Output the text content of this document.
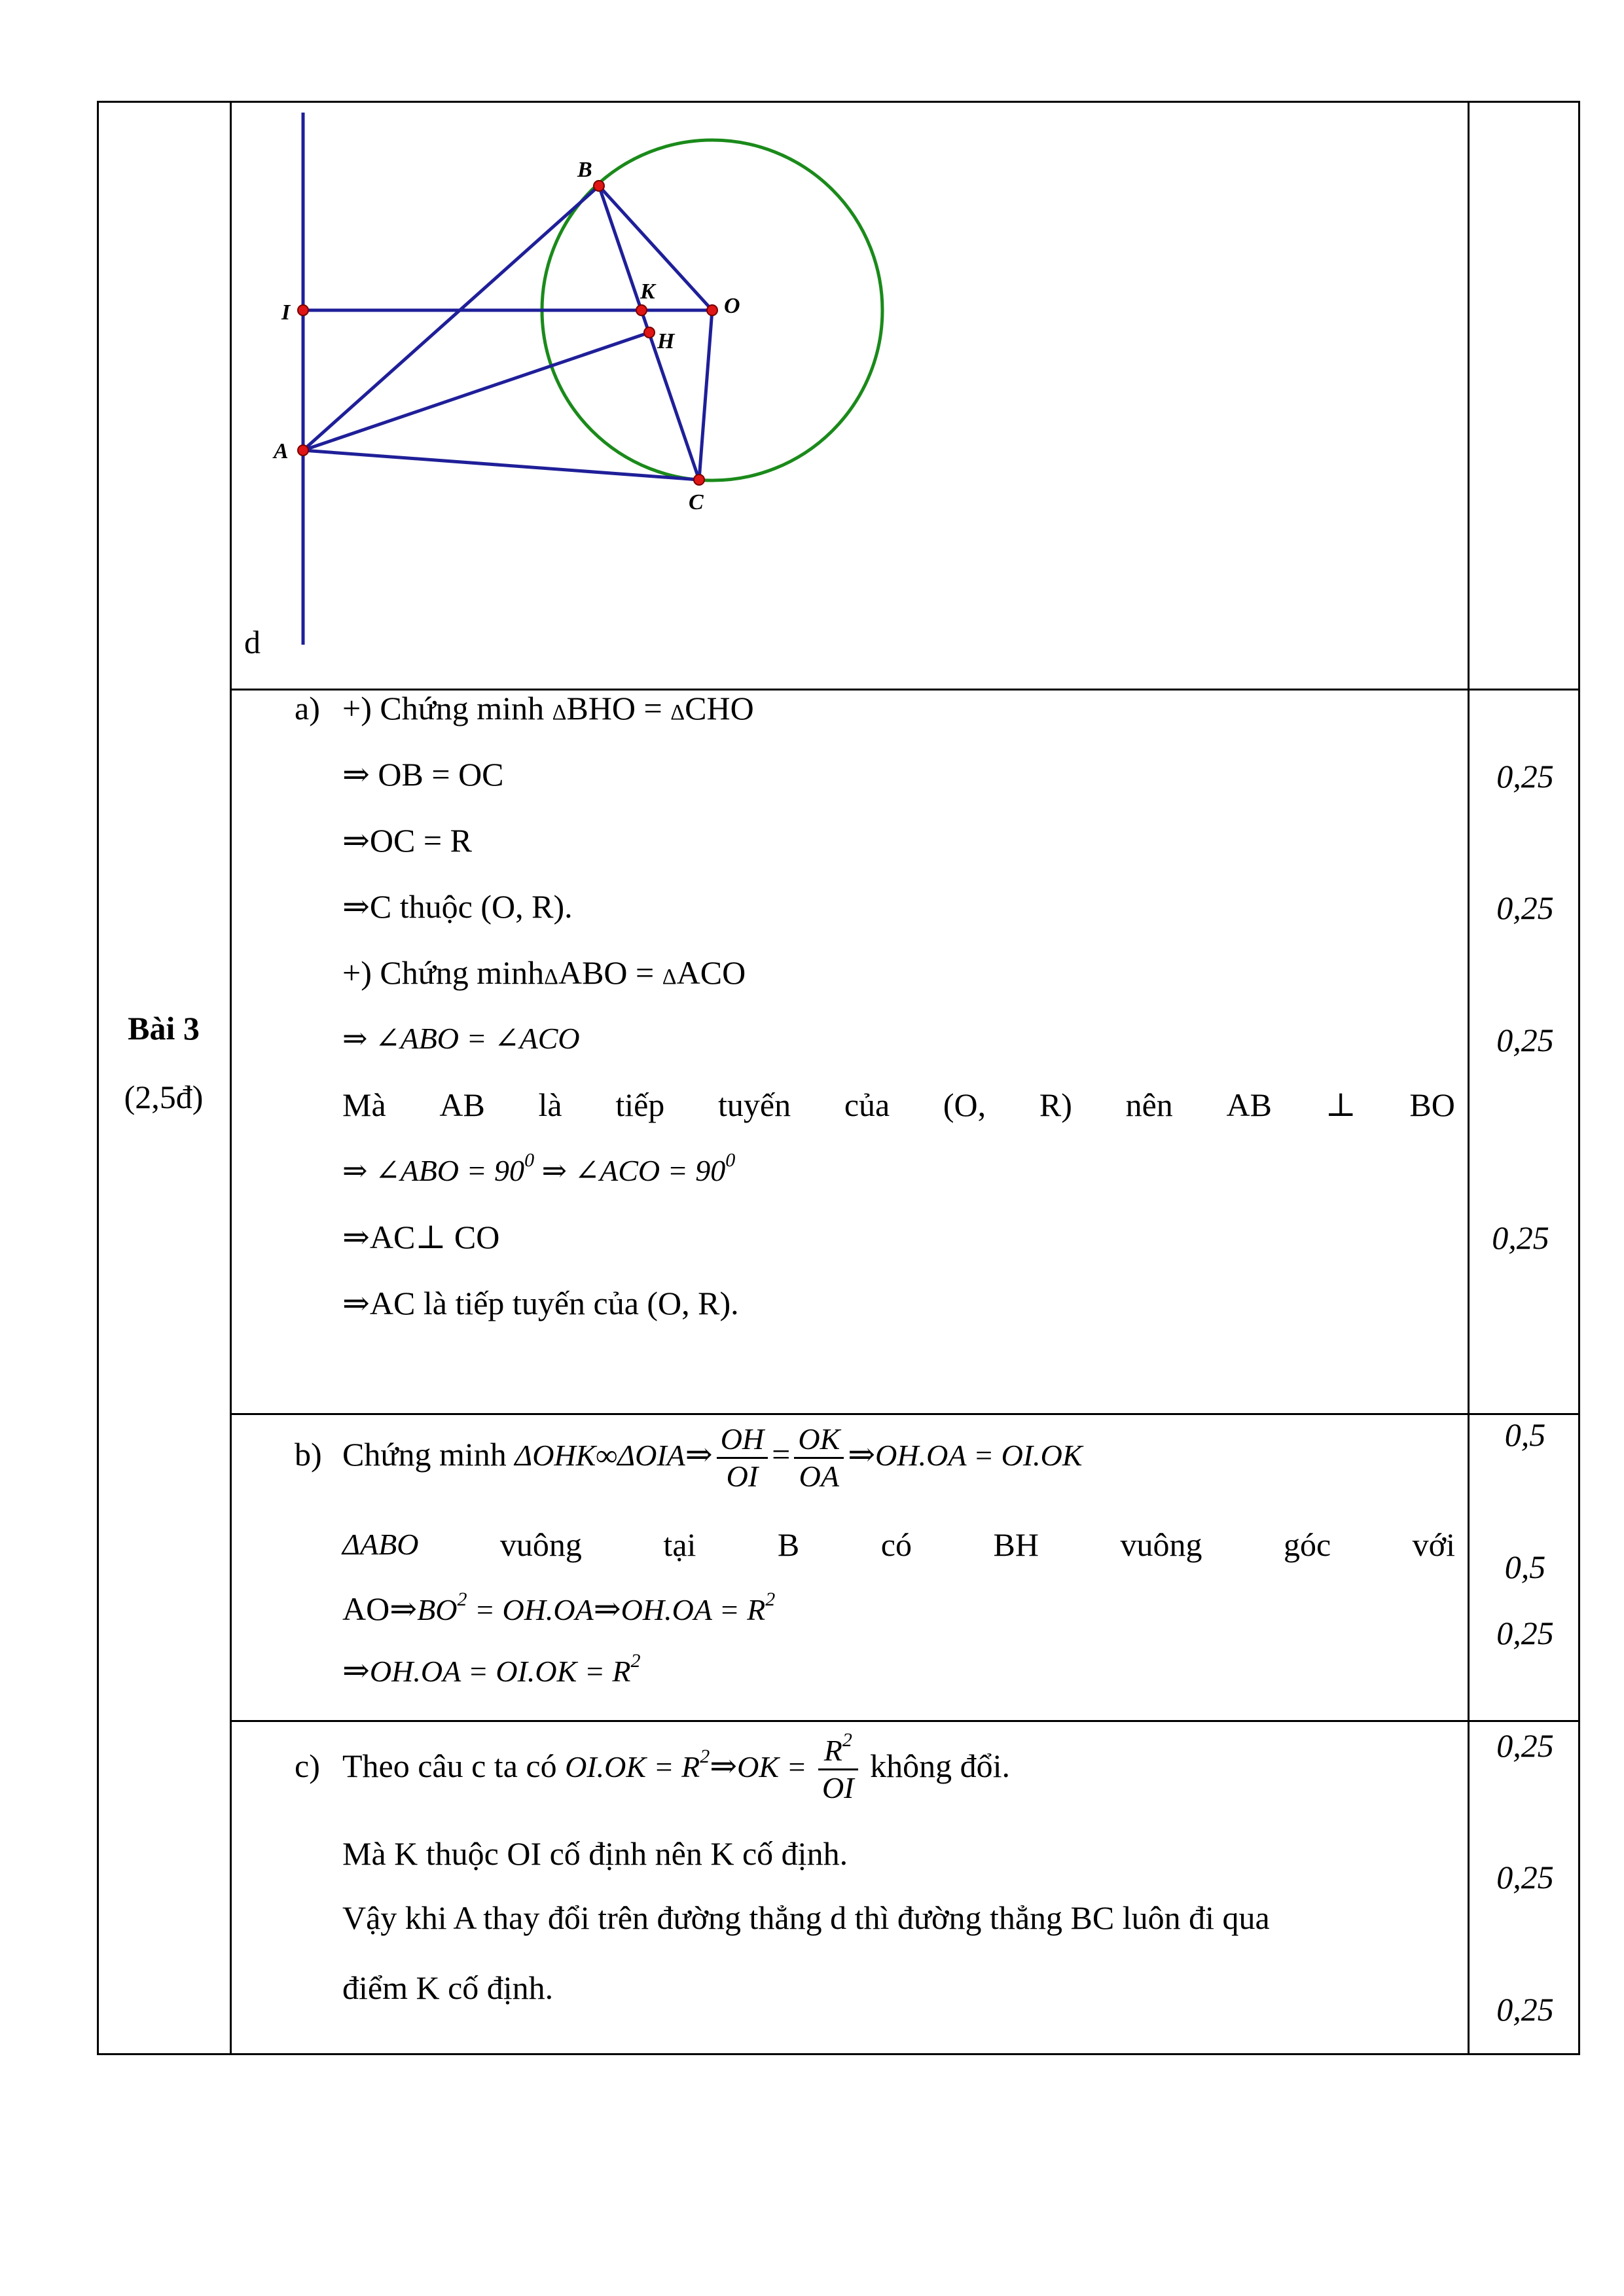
Bài 3
(2,5đ)
B
I
K
O
H
A
C
d
a) +) Chứng minh ΔBHO = ΔCHO
⇒ OB = OC
⇒OC = R
⇒C thuộc (O, R).
+) Chứng minhΔABO = ΔACO
⇒ ∠ABO = ∠ACO
Mà AB là tiếp tuyến của (O, R) nên AB ⊥ BO
⇒ ∠ABO = $90^0$ ⇒ ∠ACO = $90^0$
⇒AC⊥ CO
⇒AC là tiếp tuyến của (O, R).
0,25
0,25
0,25
0,25
b) Chứng minh ΔOHK∞ΔOIA⇒ $\frac{OH}{OI} = \frac{OK}{OA}$ ⇒OH.OA = OI.OK
ΔABO vuông tại B có BH vuông góc với
$AO\Rightarrow BO^2$ = OH.OA⇒OH.OA = $R^2$
⇒OH.OA = $OI.OK = R^2$
0,5
0,5
0,25
c) Theo câu c ta có $OI.OK = R^2\Rightarrow OK = \frac{R^2}{OI}$ không đổi.
Mà K thuộc OI cố định nên K cố định.
Vậy khi A thay đổi trên đường thẳng d thì đường thẳng BC luôn đi qua
điểm K cố định.
0,25
0,25
0,25
